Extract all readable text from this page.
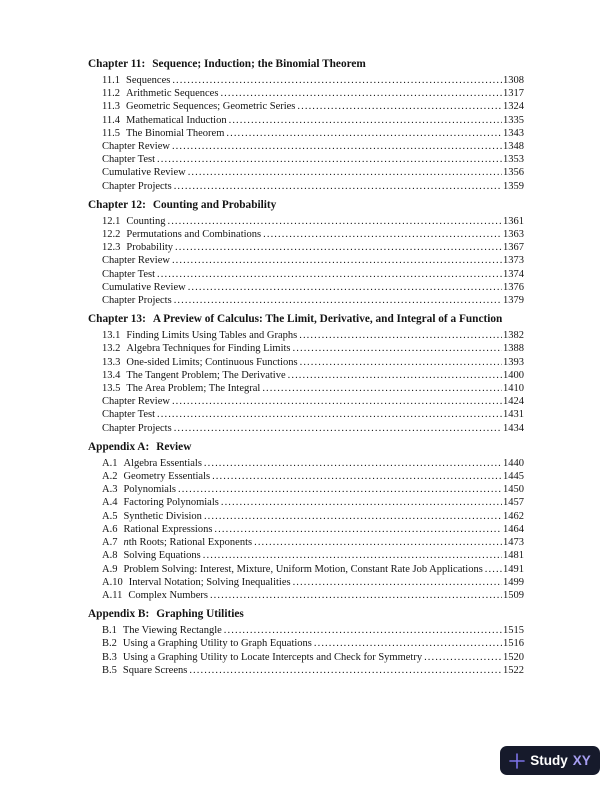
Chapter 11: Sequence; Induction; the Binomial Theorem
11.1 Sequences .....	1308
11.2 Arithmetic Sequences .....	1317
11.3 Geometric Sequences; Geometric Series .....	1324
11.4 Mathematical Induction .....	1335
11.5 The Binomial Theorem .....	1343
Chapter Review .....	1348
Chapter Test .....	1353
Cumulative Review .....	1356
Chapter Projects .....	1359
Chapter 12: Counting and Probability
12.1 Counting .....	1361
12.2 Permutations and Combinations .....	1363
12.3 Probability .....	1367
Chapter Review .....	1373
Chapter Test .....	1374
Cumulative Review .....	1376
Chapter Projects .....	1379
Chapter 13: A Preview of Calculus: The Limit, Derivative, and Integral of a Function
13.1 Finding Limits Using Tables and Graphs .....	1382
13.2 Algebra Techniques for Finding Limits .....	1388
13.3 One-sided Limits; Continuous Functions .....	1393
13.4 The Tangent Problem; The Derivative .....	1400
13.5 The Area Problem; The Integral .....	1410
Chapter Review .....	1424
Chapter Test .....	1431
Chapter Projects .....	1434
Appendix A: Review
A.1 Algebra Essentials .....	1440
A.2 Geometry Essentials .....	1445
A.3 Polynomials .....	1450
A.4 Factoring Polynomials .....	1457
A.5 Synthetic Division .....	1462
A.6 Rational Expressions .....	1464
A.7 n th Roots; Rational Exponents .....	1473
A.8 Solving Equations .....	1481
A.9 Problem Solving: Interest, Mixture, Uniform Motion, Constant Rate Job Applications ..... 1491
A.10 Interval Notation; Solving Inequalities .....	1499
A.11 Complex Numbers .....	1509
Appendix B: Graphing Utilities
B.1 The Viewing Rectangle .....	1515
B.2 Using a Graphing Utility to Graph Equations .....	1516
B.3 Using a Graphing Utility to Locate Intercepts and Check for Symmetry .....	1520
B.5 Square Screens .....	1522
Study XY
